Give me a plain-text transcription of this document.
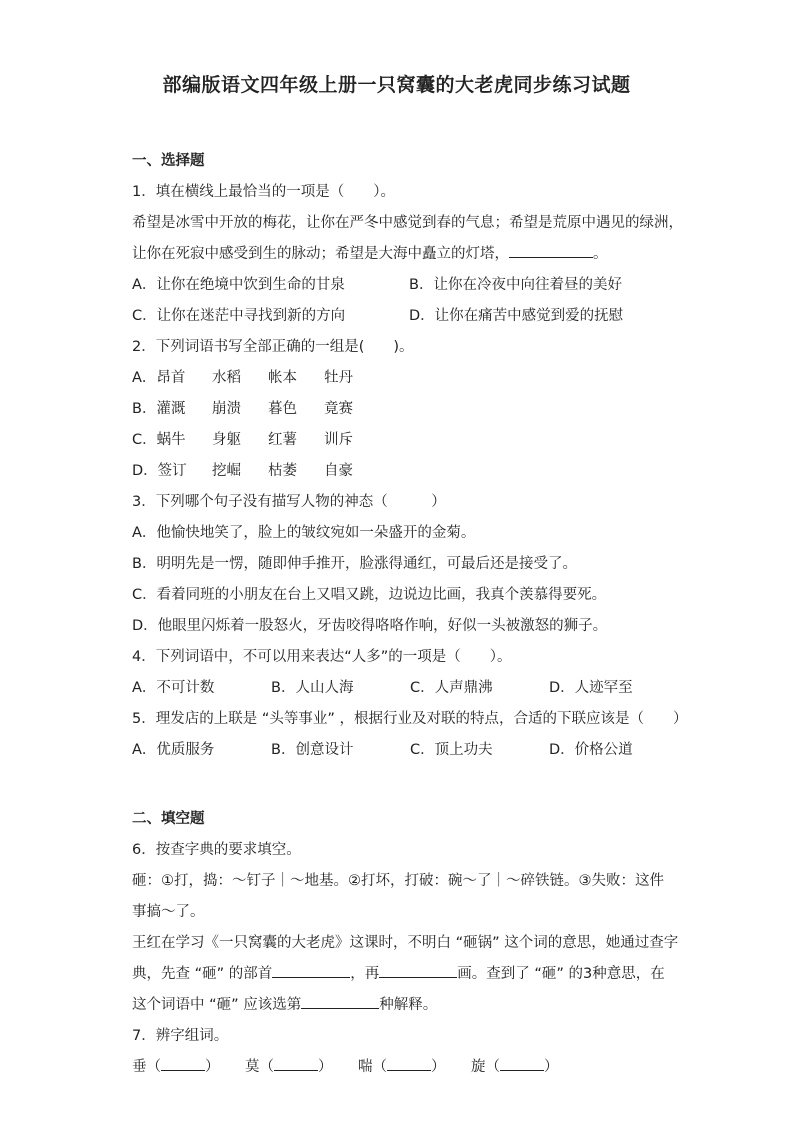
部编版语文四年级上册一只窝囊的大老虎同步练习试题
一、选择题
1．填在横线上最恰当的一项是（　　）。
希望是冰雪中开放的梅花，让你在严冬中感觉到春的气息；希望是荒原中遇见的绿洲，
让你在死寂中感受到生的脉动；希望是大海中矗立的灯塔，	。
A．让你在绝境中饮到生命的甘泉	B．让你在冷夜中向往着昼的美好
C．让你在迷茫中寻找到新的方向	D．让你在痛苦中感觉到爱的抚慰
2．下列词语书写全部正确的一组是(　　)。
A．昂首	水稻	帐本	牡丹
B．灌溉	崩溃	暮色	竟赛
C．蜗牛	身躯	红薯	训斥
D．签订	挖崛	枯萎	自豪
3．下列哪个句子没有描写人物的神态（　　　）
A．他愉快地笑了，脸上的皱纹宛如一朵盛开的金菊。
B．明明先是一愣，随即伸手推开，脸涨得通红，可最后还是接受了。
C．看着同班的小朋友在台上又唱又跳，边说边比画，我真个羡慕得要死。
D．他眼里闪烁着一股怒火，牙齿咬得咯咯作响，好似一头被激怒的狮子。
4．下列词语中，不可以用来表达“人多”的一项是（　　）。
A．不可计数	B．人山人海	C．人声鼎沸	D．人迹罕至
5．理发店的上联是 “头等事业” ，根据行业及对联的特点，合适的下联应该是（　　）
A．优质服务	B．创意设计	C．顶上功夫	D．价格公道
二、填空题
6．按查字典的要求填空。
砸：①打，捣：～钉子｜～地基。②打坏，打破：碗～了｜～碎铁链。③失败：这件
事搞～了。
王红在学习《一只窝囊的大老虎》这课时，不明白 “砸锅” 这个词的意思，她通过查字
典，先查 “砸” 的部首	，再	画。查到了 “砸” 的3种意思，在
这个词语中 “砸” 应该选第	种解释。
7．辨字组词。
垂（	）	莫（	）	喘（	）	旋（	）
